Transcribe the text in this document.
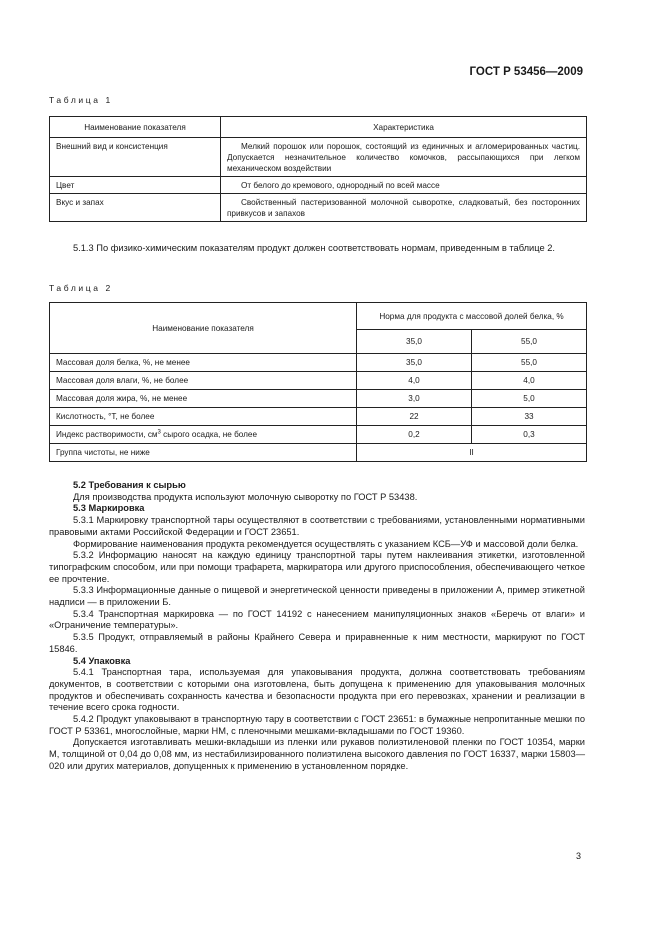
ГОСТ Р 53456—2009
Таблица 1
Наименование показателя	Характеристика
Внешний вид и консистенция	Мелкий порошок или порошок, состоящий из единичных и агломерированных частиц. Допускается незначительное количество комочков, рассыпающихся при легком механическом воздействии
Цвет	От белого до кремового, однородный по всей массе
Вкус и запах	Свойственный пастеризованной молочной сыворотке, сладковатый, без посторонних привкусов и запахов

5.1.3 По физико-химическим показателям продукт должен соответствовать нормам, приведенным в таблице 2.

Таблица 2
Наименование показателя	Норма для продукта с массовой долей белка, %	
	35,0	55,0
Массовая доля белка, %, не менее	35,0	55,0
Массовая доля влаги, %, не более	4,0	4,0
Массовая доля жира, %, не менее	3,0	5,0
Кислотность, °Т, не более	22	33
Индекс растворимости, $см^3$ сырого осадка, не более	0,2	0,3
Группа чистоты, не ниже	II	

5.2 Требования к сырью

Для производства продукта используют молочную сыворотку по ГОСТ Р 53438.

5.3 Маркировка

5.3.1 Маркировку транспортной тары осуществляют в соответствии с требованиями, установленными нормативными правовыми актами Российской Федерации и ГОСТ 23651.

Формирование наименования продукта рекомендуется осуществлять с указанием КСБ—УФ и массовой доли белка.

5.3.2 Информацию наносят на каждую единицу транспортной тары путем наклеивания этикетки, изготовленной типографским способом, или при помощи трафарета, маркиратора или другого приспособления, обеспечивающего четкое ее прочтение.

5.3.3 Информационные данные о пищевой и энергетической ценности приведены в приложении А, пример этикетной надписи — в приложении Б.

5.3.4 Транспортная маркировка — по ГОСТ 14192 с нанесением манипуляционных знаков «Беречь от влаги» и «Ограничение температуры».

5.3.5 Продукт, отправляемый в районы Крайнего Севера и приравненные к ним местности, маркируют по ГОСТ 15846.

5.4 Упаковка

5.4.1 Транспортная тара, используемая для упаковывания продукта, должна соответствовать требованиям документов, в соответствии с которыми она изготовлена, быть допущена к применению для упаковывания молочных продуктов и обеспечивать сохранность качества и безопасности продукта при его перевозках, хранении и реализации в течение всего срока годности.

5.4.2 Продукт упаковывают в транспортную тару в соответствии с ГОСТ 23651: в бумажные непропитанные мешки по ГОСТ Р 53361, многослойные, марки НМ, с пленочными мешками-вкладышами по ГОСТ 19360.

Допускается изготавливать мешки-вкладыши из пленки или рукавов полиэтиленовой пленки по ГОСТ 10354, марки М, толщиной от 0,04 до 0,08 мм, из нестабилизированного полиэтилена высокого давления по ГОСТ 16337, марки 15803—020 или других материалов, допущенных к применению в установленном порядке.

3
